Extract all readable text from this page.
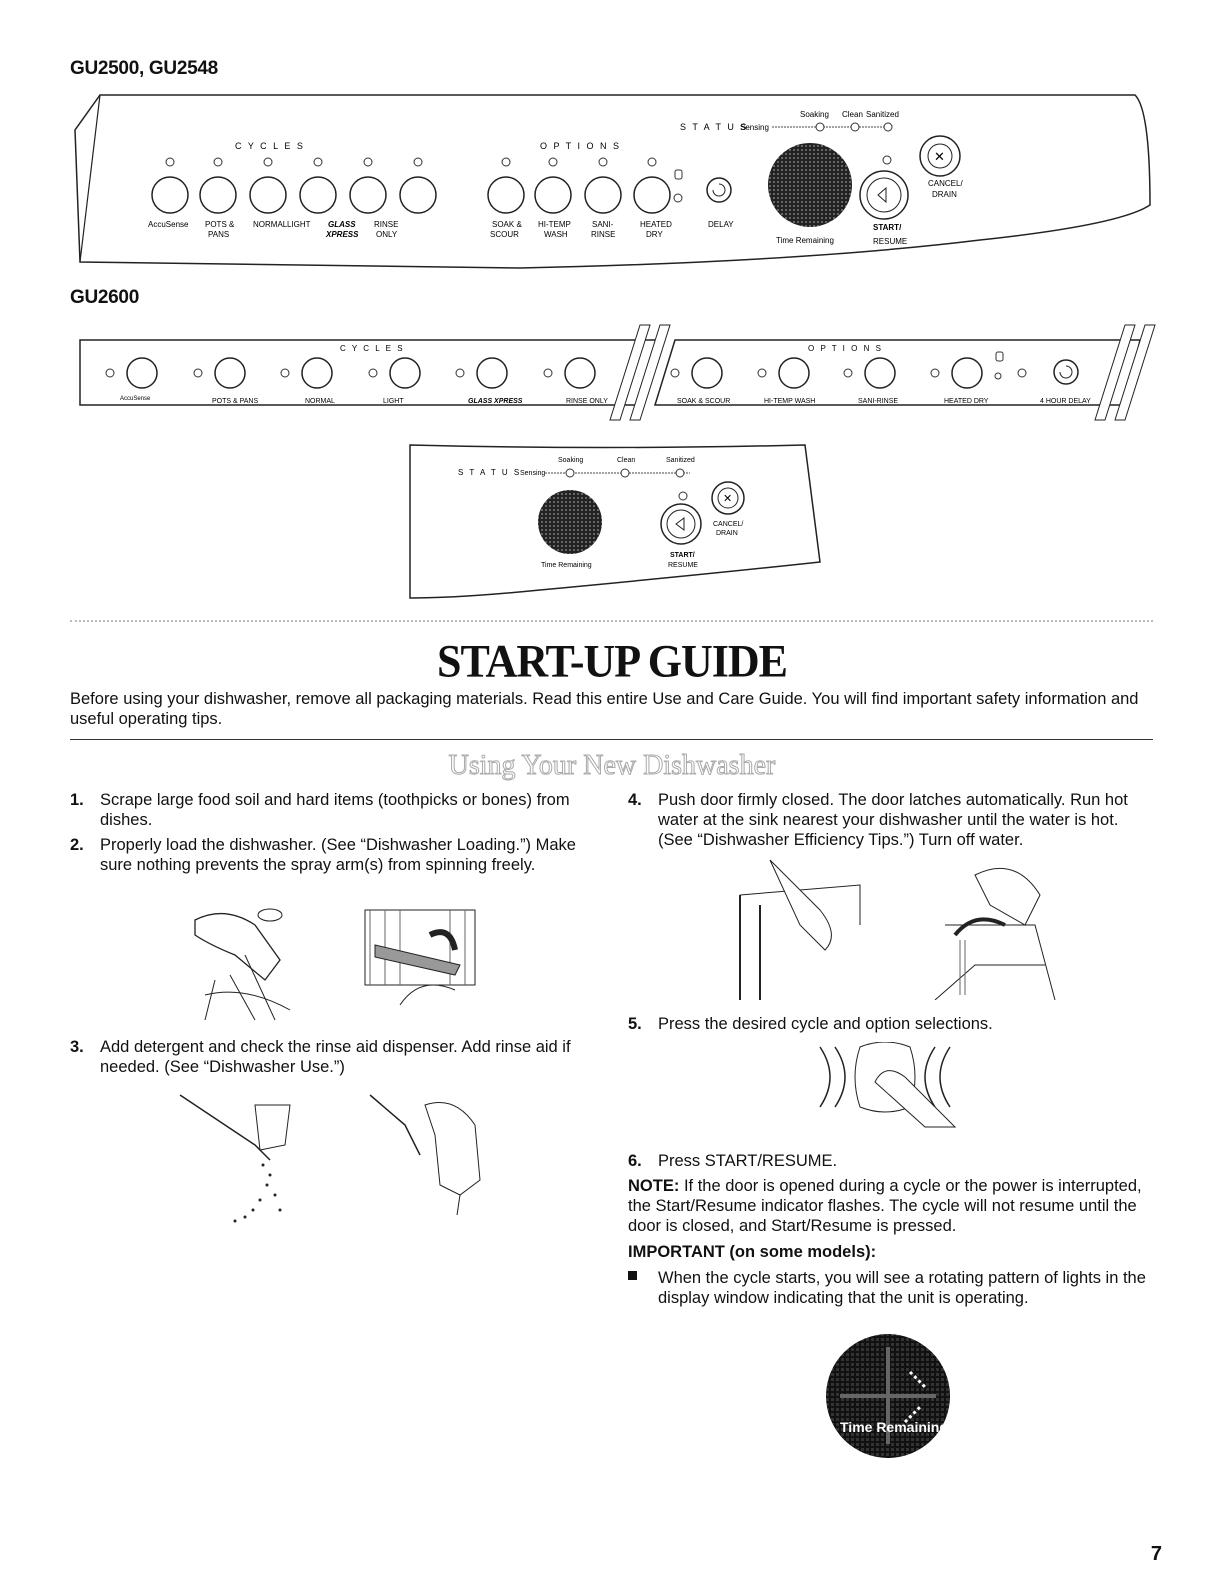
GU2500, GU2548
GU2600
C Y C L E S	O P T I O N S
S T A T U S
Sensing
Soaking Clean Sanitized
AccuSense POTS &
PANS
NORMAL LIGHT GLASS
XPRESS
RINSE
ONLY
SOAK &
SCOUR
HI-TEMP
WASH
SANI-
RINSE
HEATED
DRY
DELAY
Time Remaining
START/
RESUME
✕
CANCEL/
DRAIN
C Y C L E S	O P T I O N S
AccuSense	POTS & PANS	NORMAL	LIGHT	GLASS XPRESS	RINSE ONLY	SOAK & SCOUR	HI-TEMP WASH	SANI-RINSE	HEATED DRY	4 HOUR DELAY
S T A T U S
Sensing
Soaking	Clean	Sanitized
Time Remaining
START/
RESUME
✕
CANCEL/
DRAIN
START-UP GUIDE
Before using your dishwasher, remove all packaging materials. Read this entire Use and Care Guide. You will find important safety information and useful operating tips.
Using Your New Dishwasher
1. Scrape large food soil and hard items (toothpicks or bones) from dishes.
2. Properly load the dishwasher. (See “Dishwasher Loading.”) Make sure nothing prevents the spray arm(s) from spinning freely.
3. Add detergent and check the rinse aid dispenser. Add rinse aid if needed. (See “Dishwasher Use.”)
4. Push door firmly closed. The door latches automatically. Run hot water at the sink nearest your dishwasher until the water is hot. (See “Dishwasher Efficiency Tips.”) Turn off water.
5. Press the desired cycle and option selections.
6. Press START/RESUME.
NOTE: If the door is opened during a cycle or the power is interrupted, the Start/Resume indicator flashes. The cycle will not resume until the door is closed, and Start/Resume is pressed.
IMPORTANT (on some models):
When the cycle starts, you will see a rotating pattern of lights in the display window indicating that the unit is operating.
Time Remaining
7
